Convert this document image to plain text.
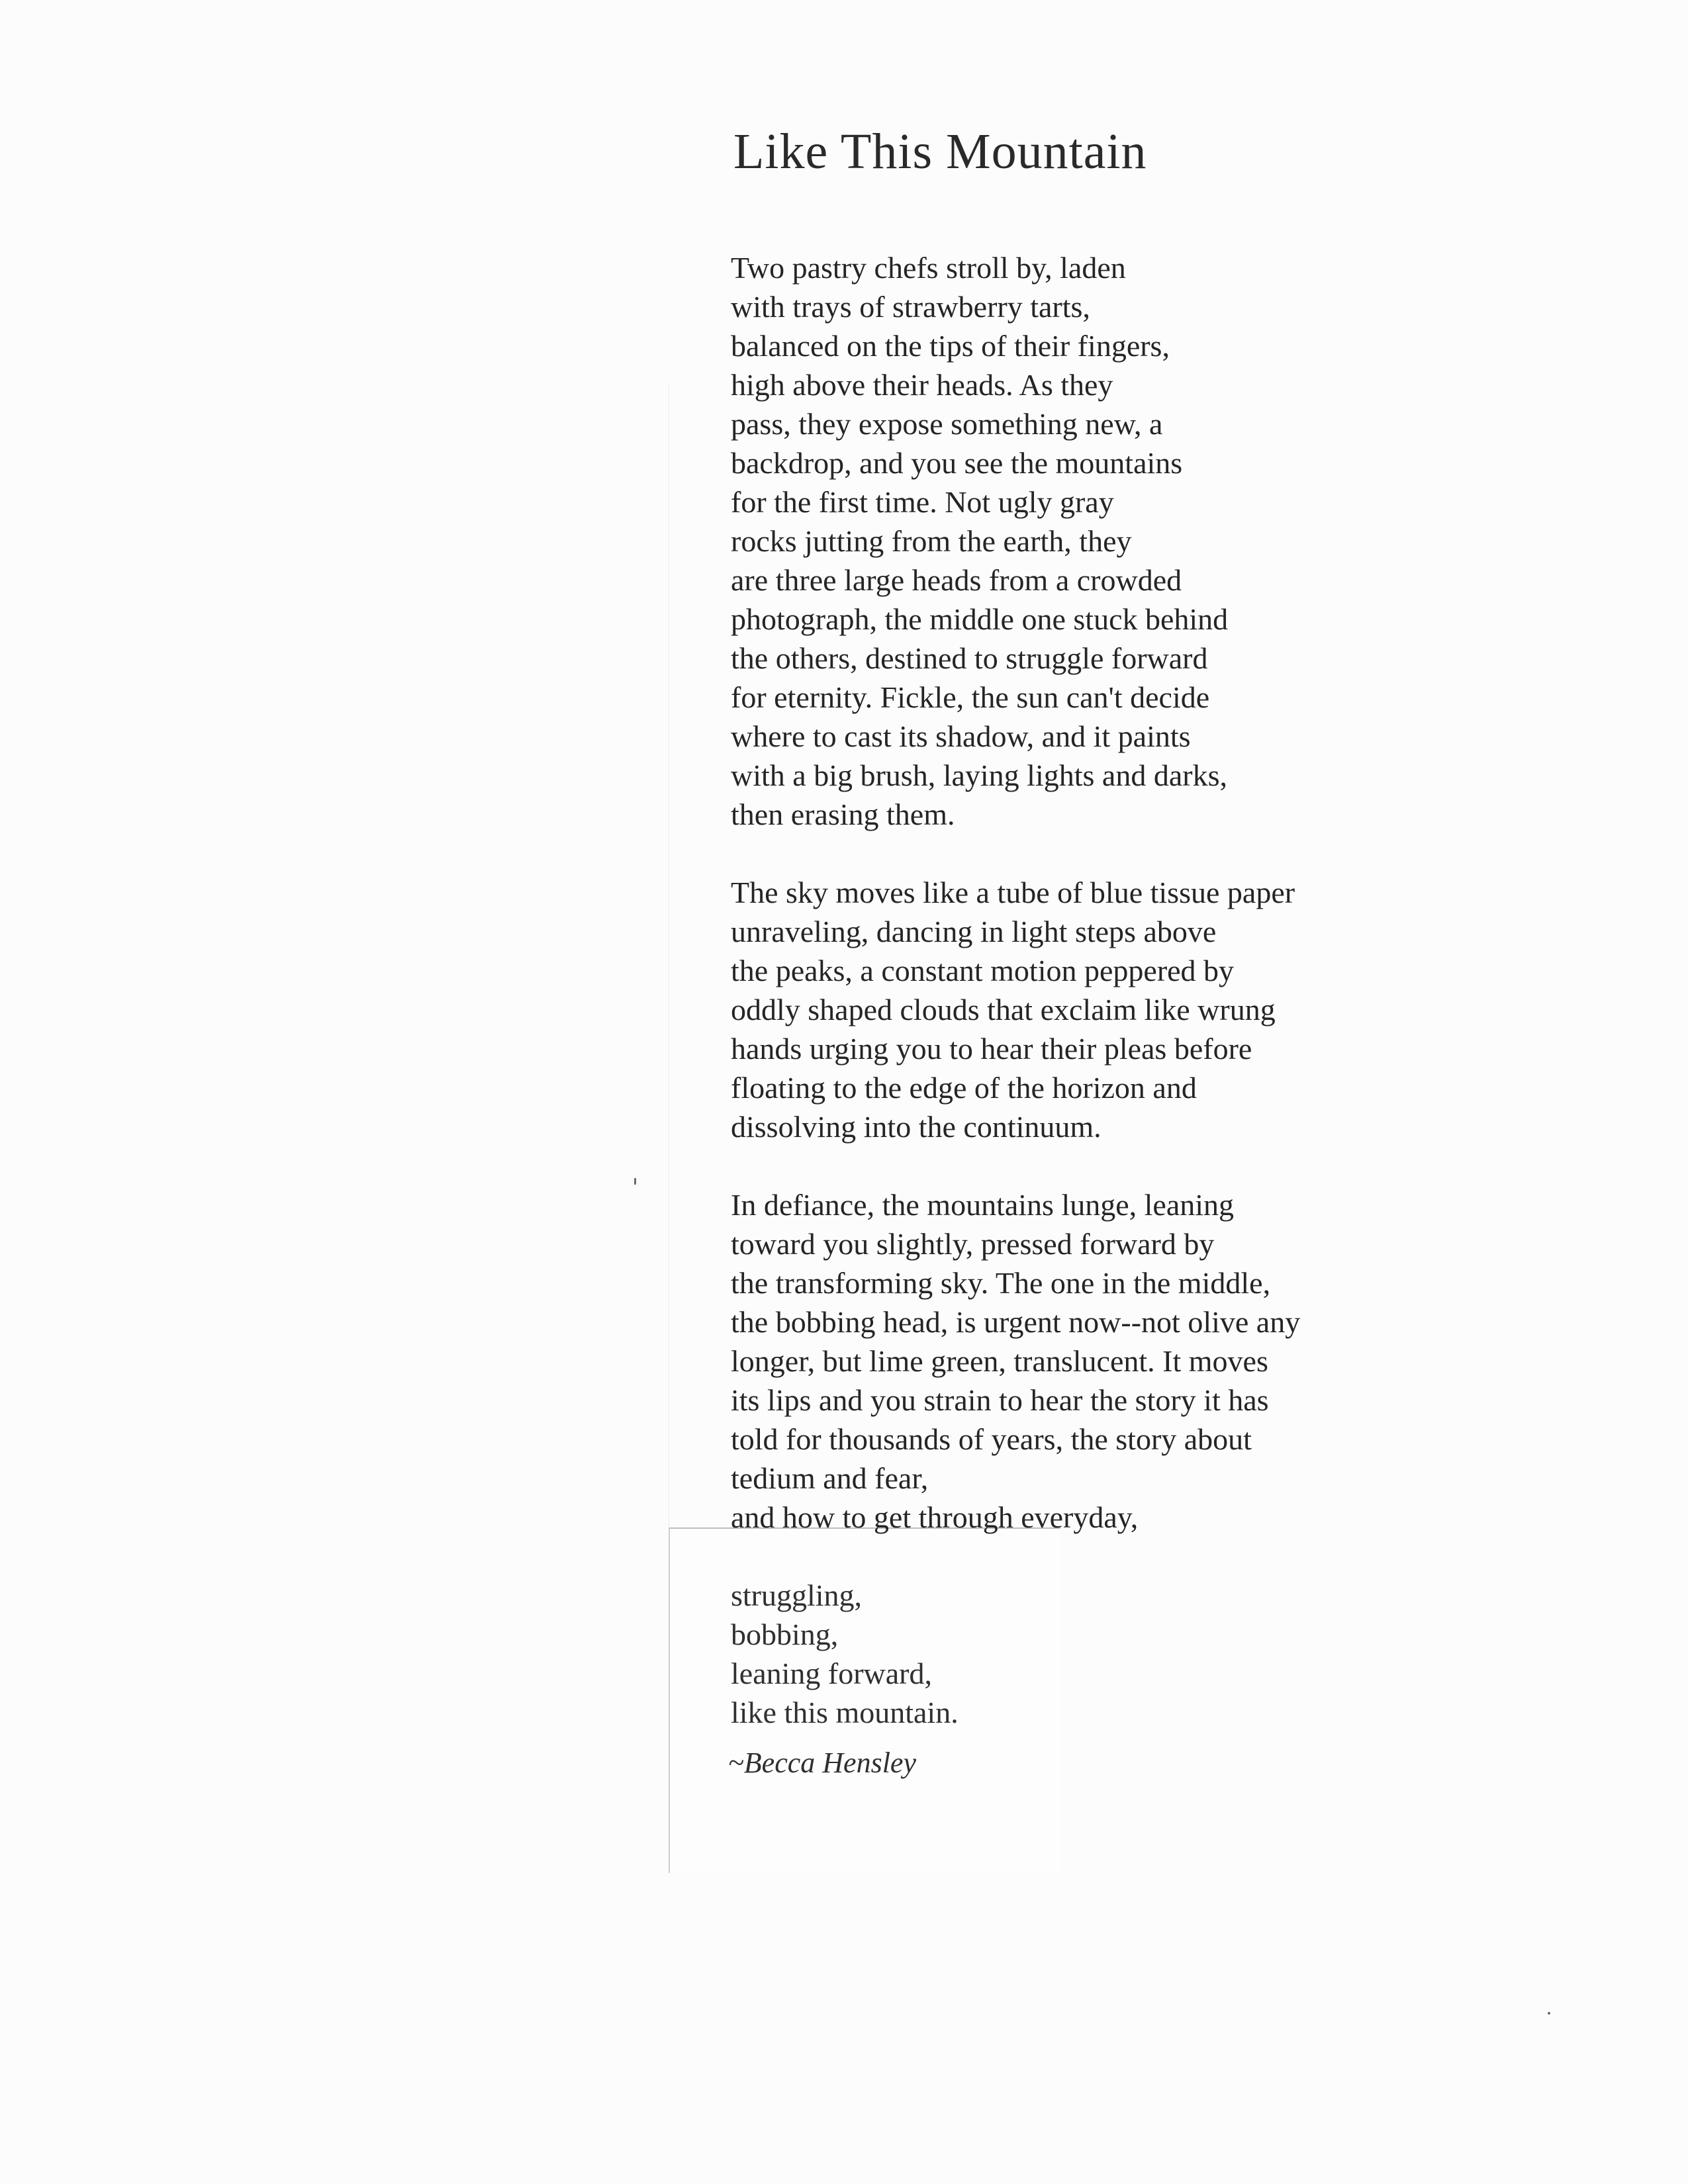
Like This Mountain
Two pastry chefs stroll by, laden
with trays of strawberry tarts,
balanced on the tips of their fingers,
high above their heads. As they
pass, they expose something new, a
backdrop, and you see the mountains
for the first time. Not ugly gray
rocks jutting from the earth, they
are three large heads from a crowded
photograph, the middle one stuck behind
the others, destined to struggle forward
for eternity. Fickle, the sun can't decide
where to cast its shadow, and it paints
with a big brush, laying lights and darks,
then erasing them.
The sky moves like a tube of blue tissue paper
unraveling, dancing in light steps above
the peaks, a constant motion peppered by
oddly shaped clouds that exclaim like wrung
hands urging you to hear their pleas before
floating to the edge of the horizon and
dissolving into the continuum.
In defiance, the mountains lunge, leaning
toward you slightly, pressed forward by
the transforming sky. The one in the middle,
the bobbing head, is urgent now--not olive any
longer, but lime green, translucent. It moves
its lips and you strain to hear the story it has
told for thousands of years, the story about
tedium and fear,
and how to get through everyday,
struggling,
bobbing,
leaning forward,
like this mountain.
~Becca Hensley
